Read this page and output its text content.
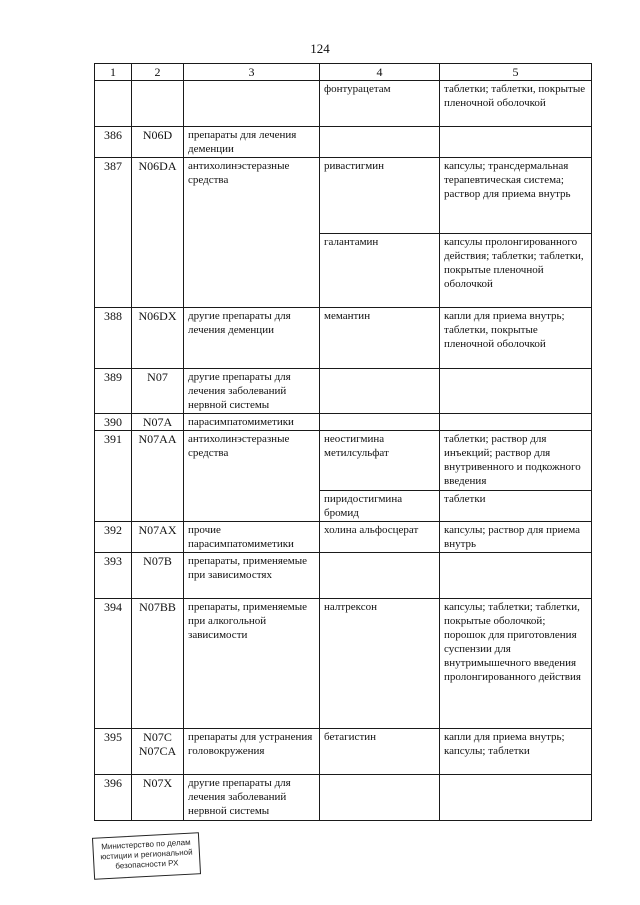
124
1	2	3	4	5
			фонтурацетам	таблетки; таблетки, покрытые пленочной оболочкой
386	N06D	препараты для лечения деменции		
387	N06DA	антихолинэстеразные средства	ривастигмин	капсулы; трансдермальная терапевтическая система; раствор для приема внутрь
			галантамин	капсулы пролонгированного действия; таблетки; таблетки, покрытые пленочной оболочкой
388	N06DX	другие препараты для лечения деменции	мемантин	капли для приема внутрь; таблетки, покрытые пленочной оболочкой
389	N07	другие препараты для лечения заболеваний нервной системы		
390	N07A	парасимпатомиметики		
391	N07AA	антихолинэстеразные средства	неостигмина метилсульфат	таблетки; раствор для инъекций; раствор для внутривенного и подкожного введения
			пиридостигмина бромид	таблетки
392	N07AX	прочие парасимпатомиметики	холина альфосцерат	капсулы; раствор для приема внутрь
393	N07B	препараты, применяемые при зависимостях		
394	N07BB	препараты, применяемые при алкогольной зависимости	налтрексон	капсулы; таблетки; таблетки, покрытые оболочкой; порошок для приготовления суспензии для внутримышечного введения пролонгированного действия
395	N07C N07CA	препараты для устранения головокружения	бетагистин	капли для приема внутрь; капсулы; таблетки
396	N07X	другие препараты для лечения заболеваний нервной системы		
Министерство по делам
юстиции и региональной
безопасности РХ
